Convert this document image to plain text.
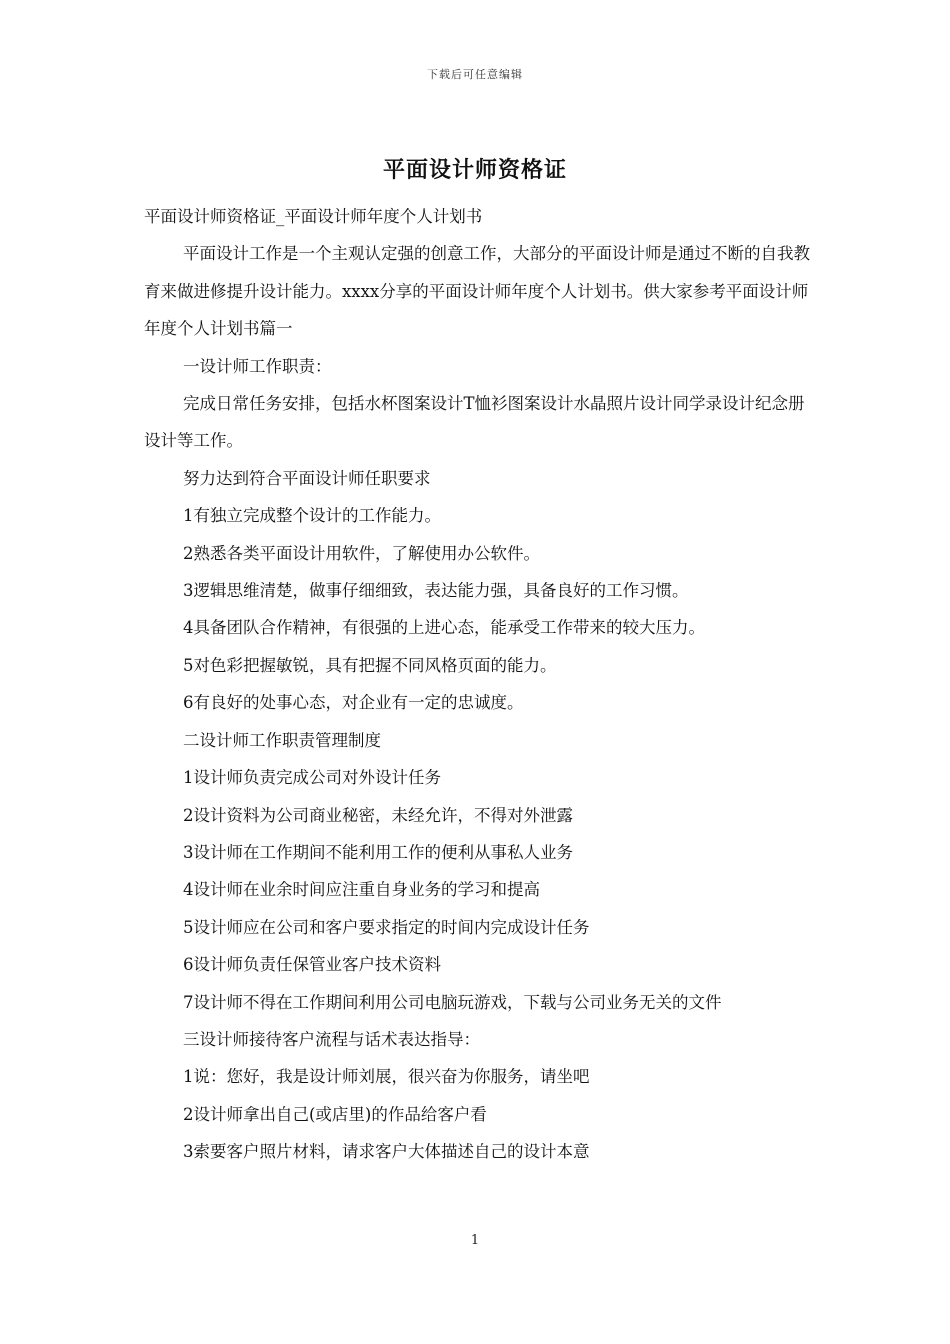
下载后可任意编辑
平面设计师资格证

平面设计师资格证_平面设计师年度个人计划书

平面设计工作是一个主观认定强的创意工作，大部分的平面设计师是通过不断的自我教育来做进修提升设计能力。xxxx分享的平面设计师年度个人计划书。供大家参考平面设计师年度个人计划书篇一

一设计师工作职责：

完成日常任务安排，包括水杯图案设计T恤衫图案设计水晶照片设计同学录设计纪念册设计等工作。

努力达到符合平面设计师任职要求

1有独立完成整个设计的工作能力。

2熟悉各类平面设计用软件，了解使用办公软件。

3逻辑思维清楚，做事仔细细致，表达能力强，具备良好的工作习惯。

4具备团队合作精神，有很强的上进心态，能承受工作带来的较大压力。

5对色彩把握敏锐，具有把握不同风格页面的能力。

6有良好的处事心态，对企业有一定的忠诚度。

二设计师工作职责管理制度

1设计师负责完成公司对外设计任务

2设计资料为公司商业秘密，未经允许，不得对外泄露

3设计师在工作期间不能利用工作的便利从事私人业务

4设计师在业余时间应注重自身业务的学习和提高

5设计师应在公司和客户要求指定的时间内完成设计任务

6设计师负责任保管业客户技术资料

7设计师不得在工作期间利用公司电脑玩游戏，下载与公司业务无关的文件

三设计师接待客户流程与话术表达指导：

1说：您好，我是设计师刘展，很兴奋为你服务，请坐吧

2设计师拿出自己(或店里)的作品给客户看

3索要客户照片材料，请求客户大体描述自己的设计本意

1
